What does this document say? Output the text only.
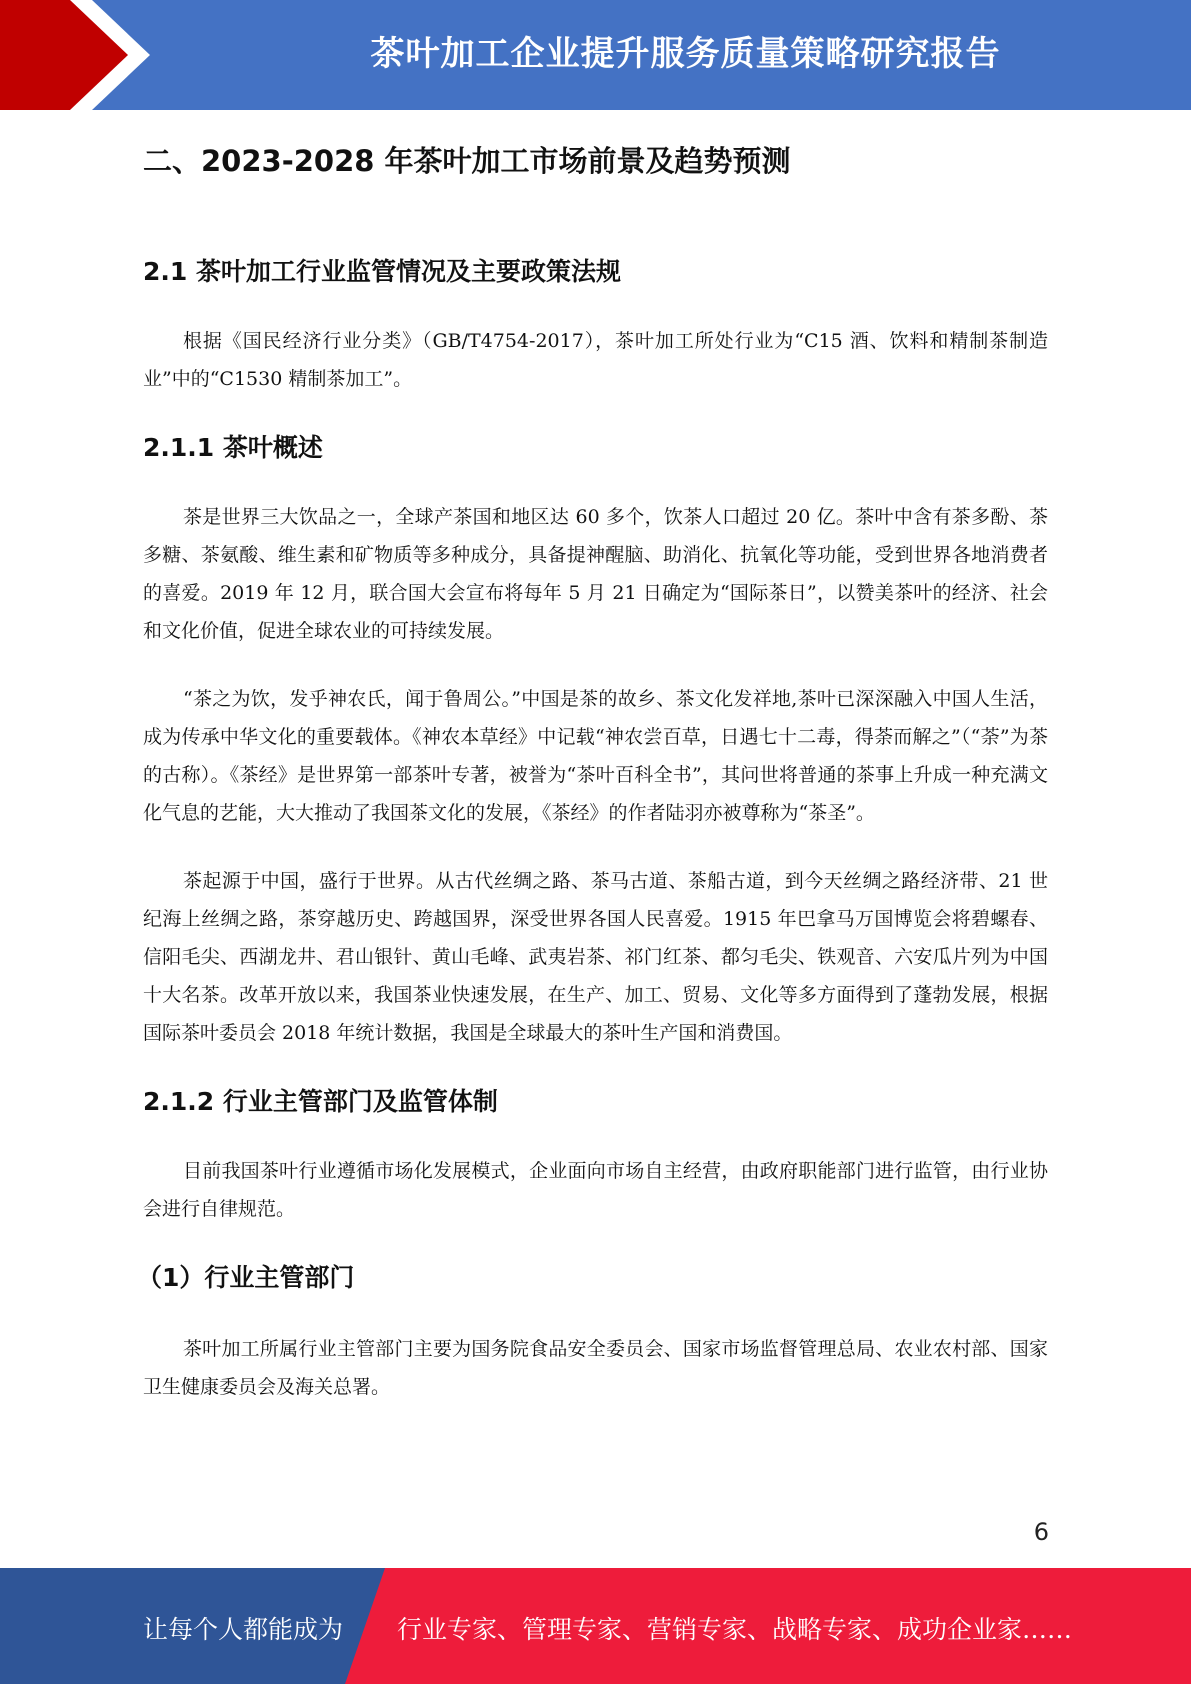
茶叶加工企业提升服务质量策略研究报告
二、2023-2028 年茶叶加工市场前景及趋势预测
2.1 茶叶加工行业监管情况及主要政策法规
根据《国民经济行业分类》（GB/T4754-2017），茶叶加工所处行业为“C15 酒、饮料和精制茶制造业”中的“C1530 精制茶加工”。
2.1.1 茶叶概述
茶是世界三大饮品之一，全球产茶国和地区达 60 多个，饮茶人口超过 20 亿。茶叶中含有茶多酚、茶多糖、茶氨酸、维生素和矿物质等多种成分，具备提神醒脑、助消化、抗氧化等功能，受到世界各地消费者的喜爱。2019 年 12 月，联合国大会宣布将每年 5 月 21 日确定为“国际茶日”，以赞美茶叶的经济、社会和文化价值，促进全球农业的可持续发展。
“茶之为饮，发乎神农氏，闻于鲁周公。”中国是茶的故乡、茶文化发祥地,茶叶已深深融入中国人生活，成为传承中华文化的重要载体。《神农本草经》中记载“神农尝百草，日遇七十二毒，得荼而解之”（“荼”为茶的古称）。《茶经》是世界第一部茶叶专著，被誉为“茶叶百科全书”，其问世将普通的茶事上升成一种充满文化气息的艺能，大大推动了我国茶文化的发展，《茶经》的作者陆羽亦被尊称为“茶圣”。
茶起源于中国，盛行于世界。从古代丝绸之路、茶马古道、茶船古道，到今天丝绸之路经济带、21 世纪海上丝绸之路，茶穿越历史、跨越国界，深受世界各国人民喜爱。1915 年巴拿马万国博览会将碧螺春、信阳毛尖、西湖龙井、君山银针、黄山毛峰、武夷岩茶、祁门红茶、都匀毛尖、铁观音、六安瓜片列为中国十大名茶。改革开放以来，我国茶业快速发展，在生产、加工、贸易、文化等多方面得到了蓬勃发展，根据国际茶叶委员会 2018 年统计数据，我国是全球最大的茶叶生产国和消费国。
2.1.2 行业主管部门及监管体制
目前我国茶叶行业遵循市场化发展模式，企业面向市场自主经营，由政府职能部门进行监管，由行业协会进行自律规范。
（1）行业主管部门
茶叶加工所属行业主管部门主要为国务院食品安全委员会、国家市场监督管理总局、农业农村部、国家卫生健康委员会及海关总署。
6
让每个人都能成为 行业专家、管理专家、营销专家、战略专家、成功企业家……
